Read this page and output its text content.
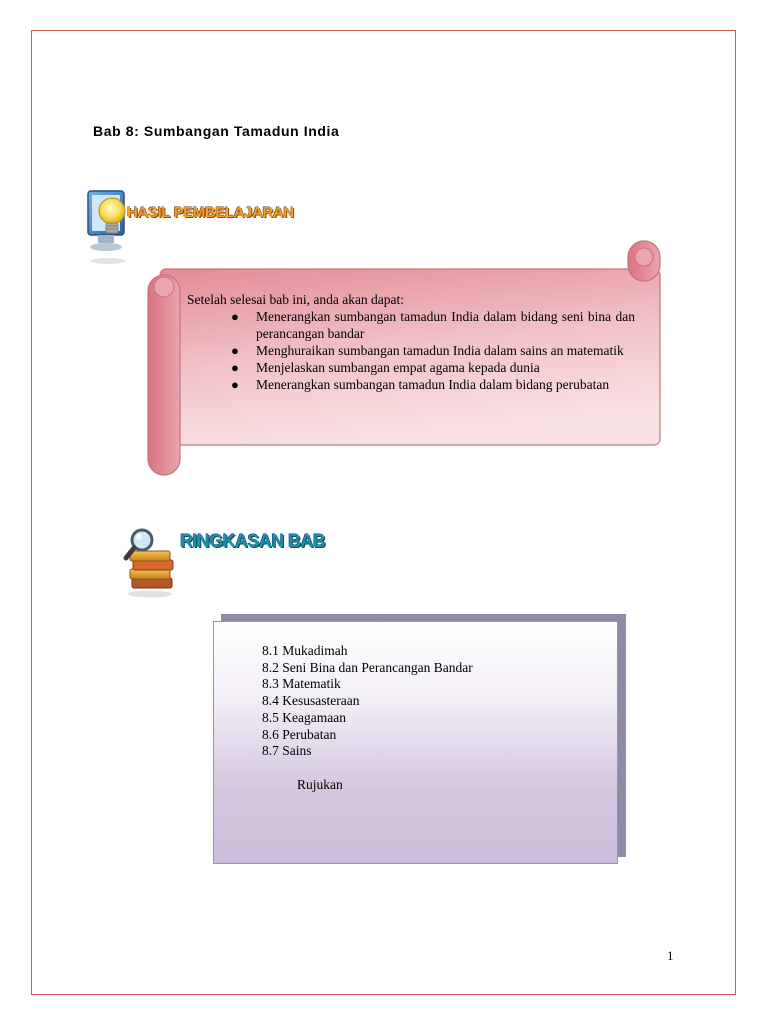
Bab 8: Sumbangan Tamadun India
HASIL PEMBELAJARAN
Setelah selesai bab ini, anda akan dapat:
● Menerangkan sumbangan tamadun India dalam bidang seni bina dan perancangan bandar
● Menghuraikan sumbangan tamadun India dalam sains an matematik
● Menjelaskan sumbangan empat agama kepada dunia
● Menerangkan sumbangan tamadun India dalam bidang perubatan
RINGKASAN BAB
8.1 Mukadimah
8.2 Seni Bina dan Perancangan Bandar
8.3 Matematik
8.4 Kesusasteraan
8.5 Keagamaan
8.6 Perubatan
8.7 Sains
Rujukan
1
